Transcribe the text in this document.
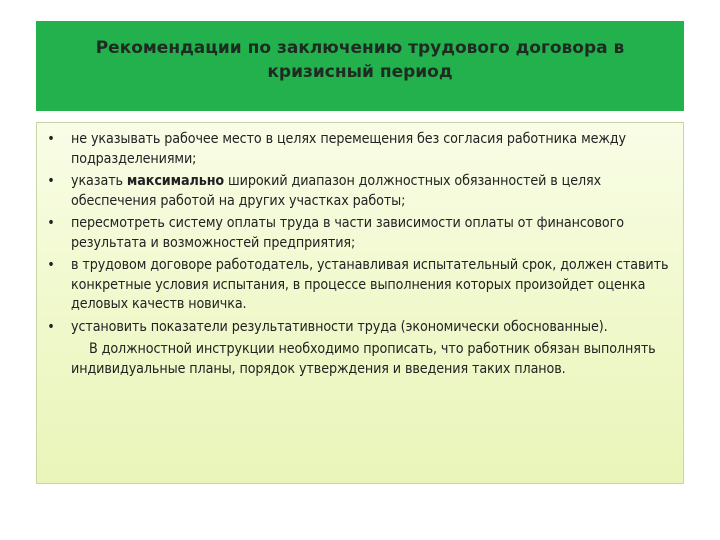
Рекомендации по заключению трудового договора в кризисный период
• не указывать рабочее место в целях перемещения без согласия работника между подразделениями;
• указать максимально широкий диапазон должностных обязанностей в целях обеспечения работой на других участках работы;
• пересмотреть систему оплаты труда в части зависимости оплаты от финансового результата и возможностей предприятия;
• в трудовом договоре работодатель, устанавливая испытательный срок, должен ставить конкретные условия испытания, в процессе выполнения которых произойдет оценка деловых качеств новичка.
• установить показатели результативности труда (экономически обоснованные).

В должностной инструкции необходимо прописать, что работник обязан выполнять индивидуальные планы, порядок утверждения и введения таких планов.
